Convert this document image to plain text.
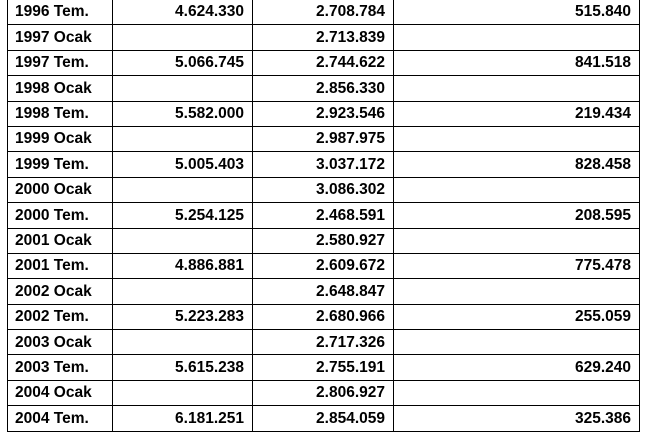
1996 Tem.	4.624.330	2.708.784	515.840
1997 Ocak		2.713.839	
1997 Tem.	5.066.745	2.744.622	841.518
1998 Ocak		2.856.330	
1998 Tem.	5.582.000	2.923.546	219.434
1999 Ocak		2.987.975	
1999 Tem.	5.005.403	3.037.172	828.458
2000 Ocak		3.086.302	
2000 Tem.	5.254.125	2.468.591	208.595
2001 Ocak		2.580.927	
2001 Tem.	4.886.881	2.609.672	775.478
2002 Ocak		2.648.847	
2002 Tem.	5.223.283	2.680.966	255.059
2003 Ocak		2.717.326	
2003 Tem.	5.615.238	2.755.191	629.240
2004 Ocak		2.806.927	
2004 Tem.	6.181.251	2.854.059	325.386
